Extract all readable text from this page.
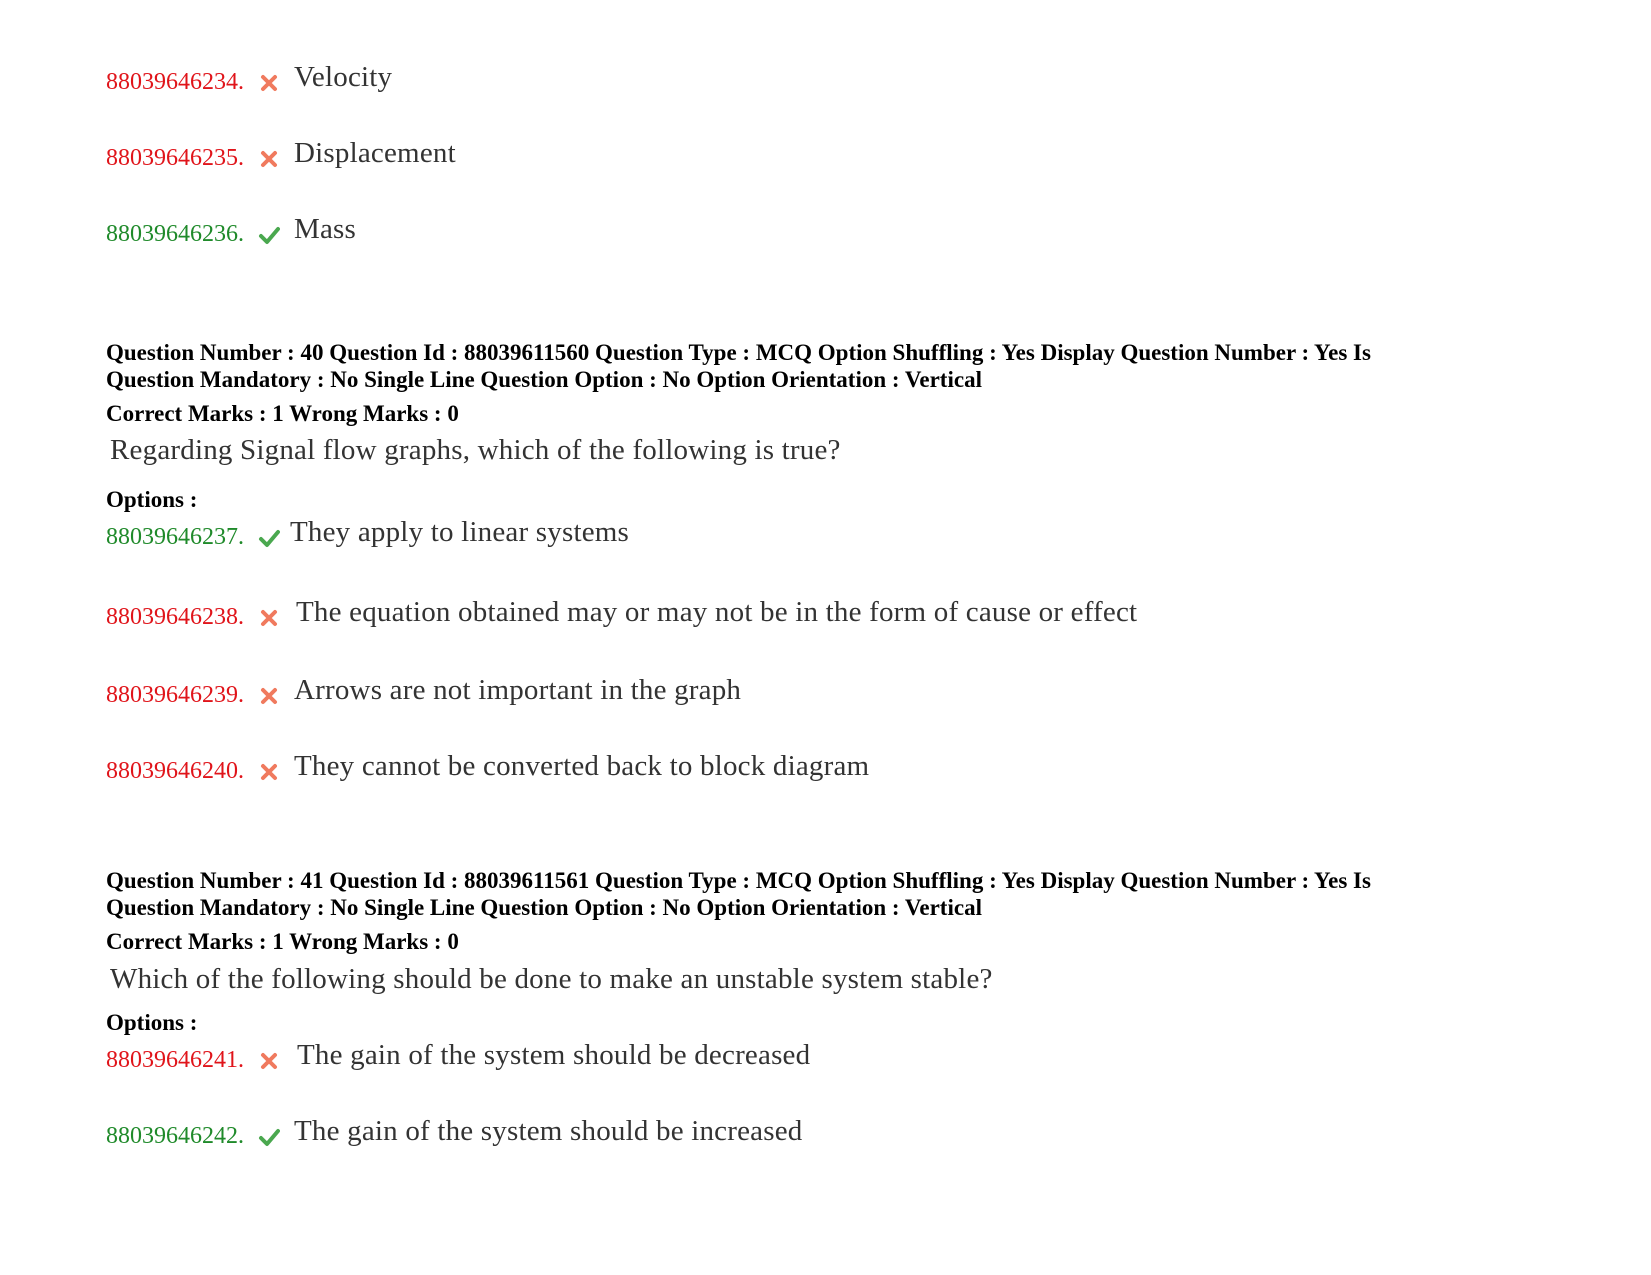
88039646234. Velocity
88039646235. Displacement
88039646236. Mass
Question Number : 40 Question Id : 88039611560 Question Type : MCQ Option Shuffling : Yes Display Question Number : Yes Is
Question Mandatory : No Single Line Question Option : No Option Orientation : Vertical
Correct Marks : 1 Wrong Marks : 0
Regarding Signal flow graphs, which of the following is true?
Options :
88039646237. They apply to linear systems
88039646238. The equation obtained may or may not be in the form of cause or effect
88039646239. Arrows are not important in the graph
88039646240. They cannot be converted back to block diagram
Question Number : 41 Question Id : 88039611561 Question Type : MCQ Option Shuffling : Yes Display Question Number : Yes Is
Question Mandatory : No Single Line Question Option : No Option Orientation : Vertical
Correct Marks : 1 Wrong Marks : 0
Which of the following should be done to make an unstable system stable?
Options :
88039646241. The gain of the system should be decreased
88039646242. The gain of the system should be increased
